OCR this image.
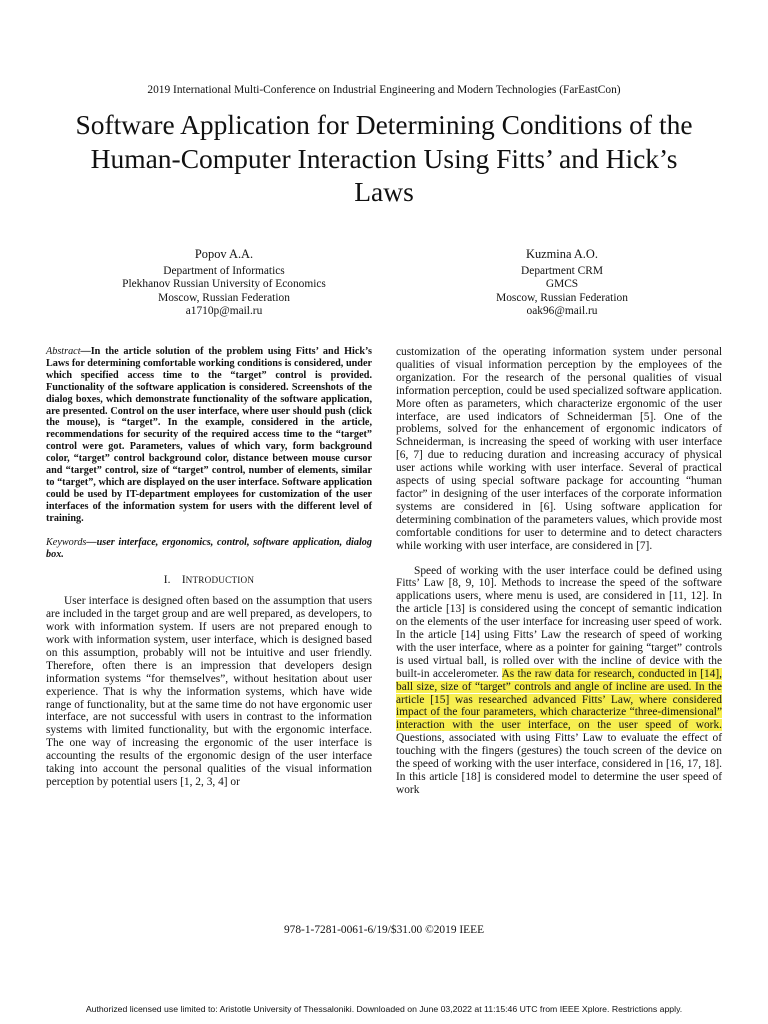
2019 International Multi-Conference on Industrial Engineering and Modern Technologies (FarEastCon)
Software Application for Determining Conditions of the Human-Computer Interaction Using Fitts’ and Hick’s Laws
Popov A.A.
Department of Informatics
Plekhanov Russian University of Economics
Moscow, Russian Federation
a1710p@mail.ru
Kuzmina A.O.
Department CRM
GMCS
Moscow, Russian Federation
oak96@mail.ru

Abstract—In the article solution of the problem using Fitts’ and Hick’s Laws for determining comfortable working conditions is considered, under which specified access time to the “target” control is provided. Functionality of the software application is considered. Screenshots of the dialog boxes, which demonstrate functionality of the software application, are presented. Control on the user interface, where user should push (click the mouse), is “target”. In the example, considered in the article, recommendations for security of the required access time to the “target” control were got. Parameters, values of which vary, form background color, “target” control background color, distance between mouse cursor and “target” control, size of “target” control, number of elements, similar to “target”, which are displayed on the user interface. Software application could be used by IT-department employees for customization of the user interfaces of the information system for users with the different level of training.

Keywords—user interface, ergonomics, control, software application, dialog box.

I. INTRODUCTION

User interface is designed often based on the assumption that users are included in the target group and are well prepared, as developers, to work with information system. If users are not prepared enough to work with information system, user interface, which is designed based on this assumption, probably will not be intuitive and user friendly. Therefore, often there is an impression that developers design information systems “for themselves”, without hesitation about user experience. That is why the information systems, which have wide range of functionality, but at the same time do not have ergonomic user interface, are not successful with users in contrast to the information systems with limited functionality, but with the ergonomic interface. The one way of increasing the ergonomic of the user interface is accounting the results of the ergonomic design of the user interface taking into account the personal qualities of the visual information perception by potential users [1, 2, 3, 4] or

customization of the operating information system under personal qualities of visual information perception by the employees of the organization. For the research of the personal qualities of visual information perception, could be used specialized software application. More often as parameters, which characterize ergonomic of the user interface, are used indicators of Schneiderman [5]. One of the problems, solved for the enhancement of ergonomic indicators of Schneiderman, is increasing the speed of working with user interface [6, 7] due to reducing duration and increasing accuracy of physical user actions while working with user interface. Several of practical aspects of using special software package for accounting “human factor” in designing of the user interfaces of the corporate information systems are considered in [6]. Using software application for determining combination of the parameters values, which provide most comfortable conditions for user to determine and to detect characters while working with user interface, are considered in [7].

Speed of working with the user interface could be defined using Fitts’ Law [8, 9, 10]. Methods to increase the speed of the software applications users, where menu is used, are considered in [11, 12]. In the article [13] is considered using the concept of semantic indication on the elements of the user interface for increasing user speed of work. In the article [14] using Fitts’ Law the research of speed of working with the user interface, where as a pointer for gaining “target” controls is used virtual ball, is rolled over with the incline of device with the built-in accelerometer. As the raw data for research, conducted in [14], ball size, size of “target” controls and angle of incline are used. In the article [15] was researched advanced Fitts’ Law, where considered impact of the four parameters, which characterize “three-dimensional” interaction with the user interface, on the user speed of work. Questions, associated with using Fitts’ Law to evaluate the effect of touching with the fingers (gestures) the touch screen of the device on the speed of working with the user interface, considered in [16, 17, 18]. In this article [18] is considered model to determine the user speed of work

978-1-7281-0061-6/19/$31.00 ©2019 IEEE
Authorized licensed use limited to: Aristotle University of Thessaloniki. Downloaded on June 03,2022 at 11:15:46 UTC from IEEE Xplore. Restrictions apply.
